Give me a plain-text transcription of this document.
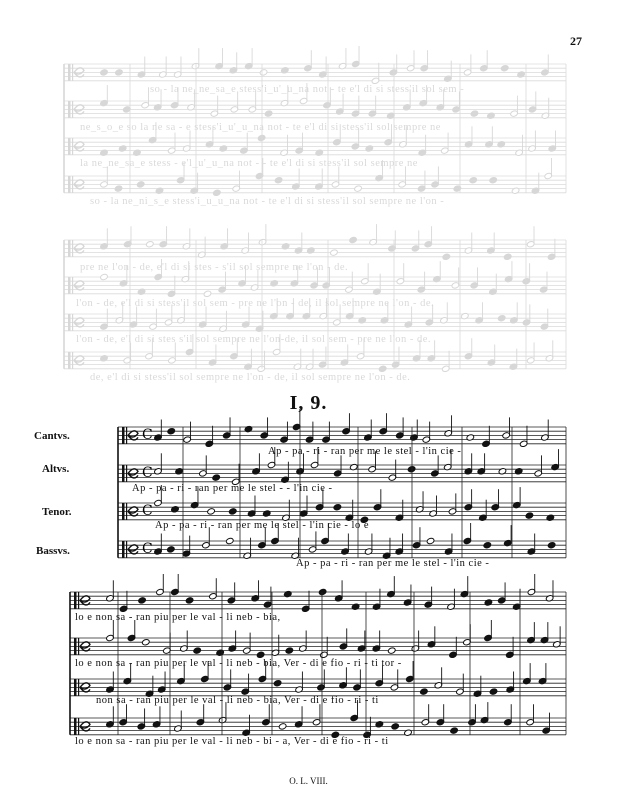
27
so - la ne_ne_sa_e stess'i_u'_u_na not - te e'l di si stess'il sol sem -
ne_s_o_e so la ne sa - e stess'i_u'_u_na not - te e'l di si stess'il sol sempre ne
la ne_ne_sa_e stess - e'l_u'_u_na not - - te e'l di si stess'il sol sempre ne
so - la ne_ni_s_e stess'i_u_u_na not - te e'l di si stess'il sol sempre ne l'on -
pre ne l'on - de, e'l di si stes - s'il sol sempre ne l'on - de.
l'on - de, e'l di si stess'il sol sem - pre ne l'on - de, il sol sempre ne l'on - de.
l'on - de, e'l di si stes s'il sol sempre ne l'on-de, il sol sem - pre ne l'on - de.
de, e'l di si stess'il sol sempre ne l'on - de, il sol sempre ne l'on - de.
I, 9.
Cantvs.
Altvs.
Tenor.
Bassvs.
C
C
C
C
Ap - pa - ri - ran per me le stel - l'in cie -
Ap - pa - ri - ran per me le stel - - l'in cie -
Ap - pa - ri - ran per me le stel - l'in cie - lo e
Ap - pa - ri - ran per me le stel - l'in cie -
lo e non sa - ran piu per le val - li neb - bia,
lo e non sa - ran piu per le val - li neb - bia, Ver - di e fio - ri - ti tor -
non sa - ran piu per le val - li neb - bia, Ver - di e fio - ri - ti
lo e non sa - ran piu per le val - li neb - bi - a, Ver - di e fio - ri - ti
O. L. VIII.
